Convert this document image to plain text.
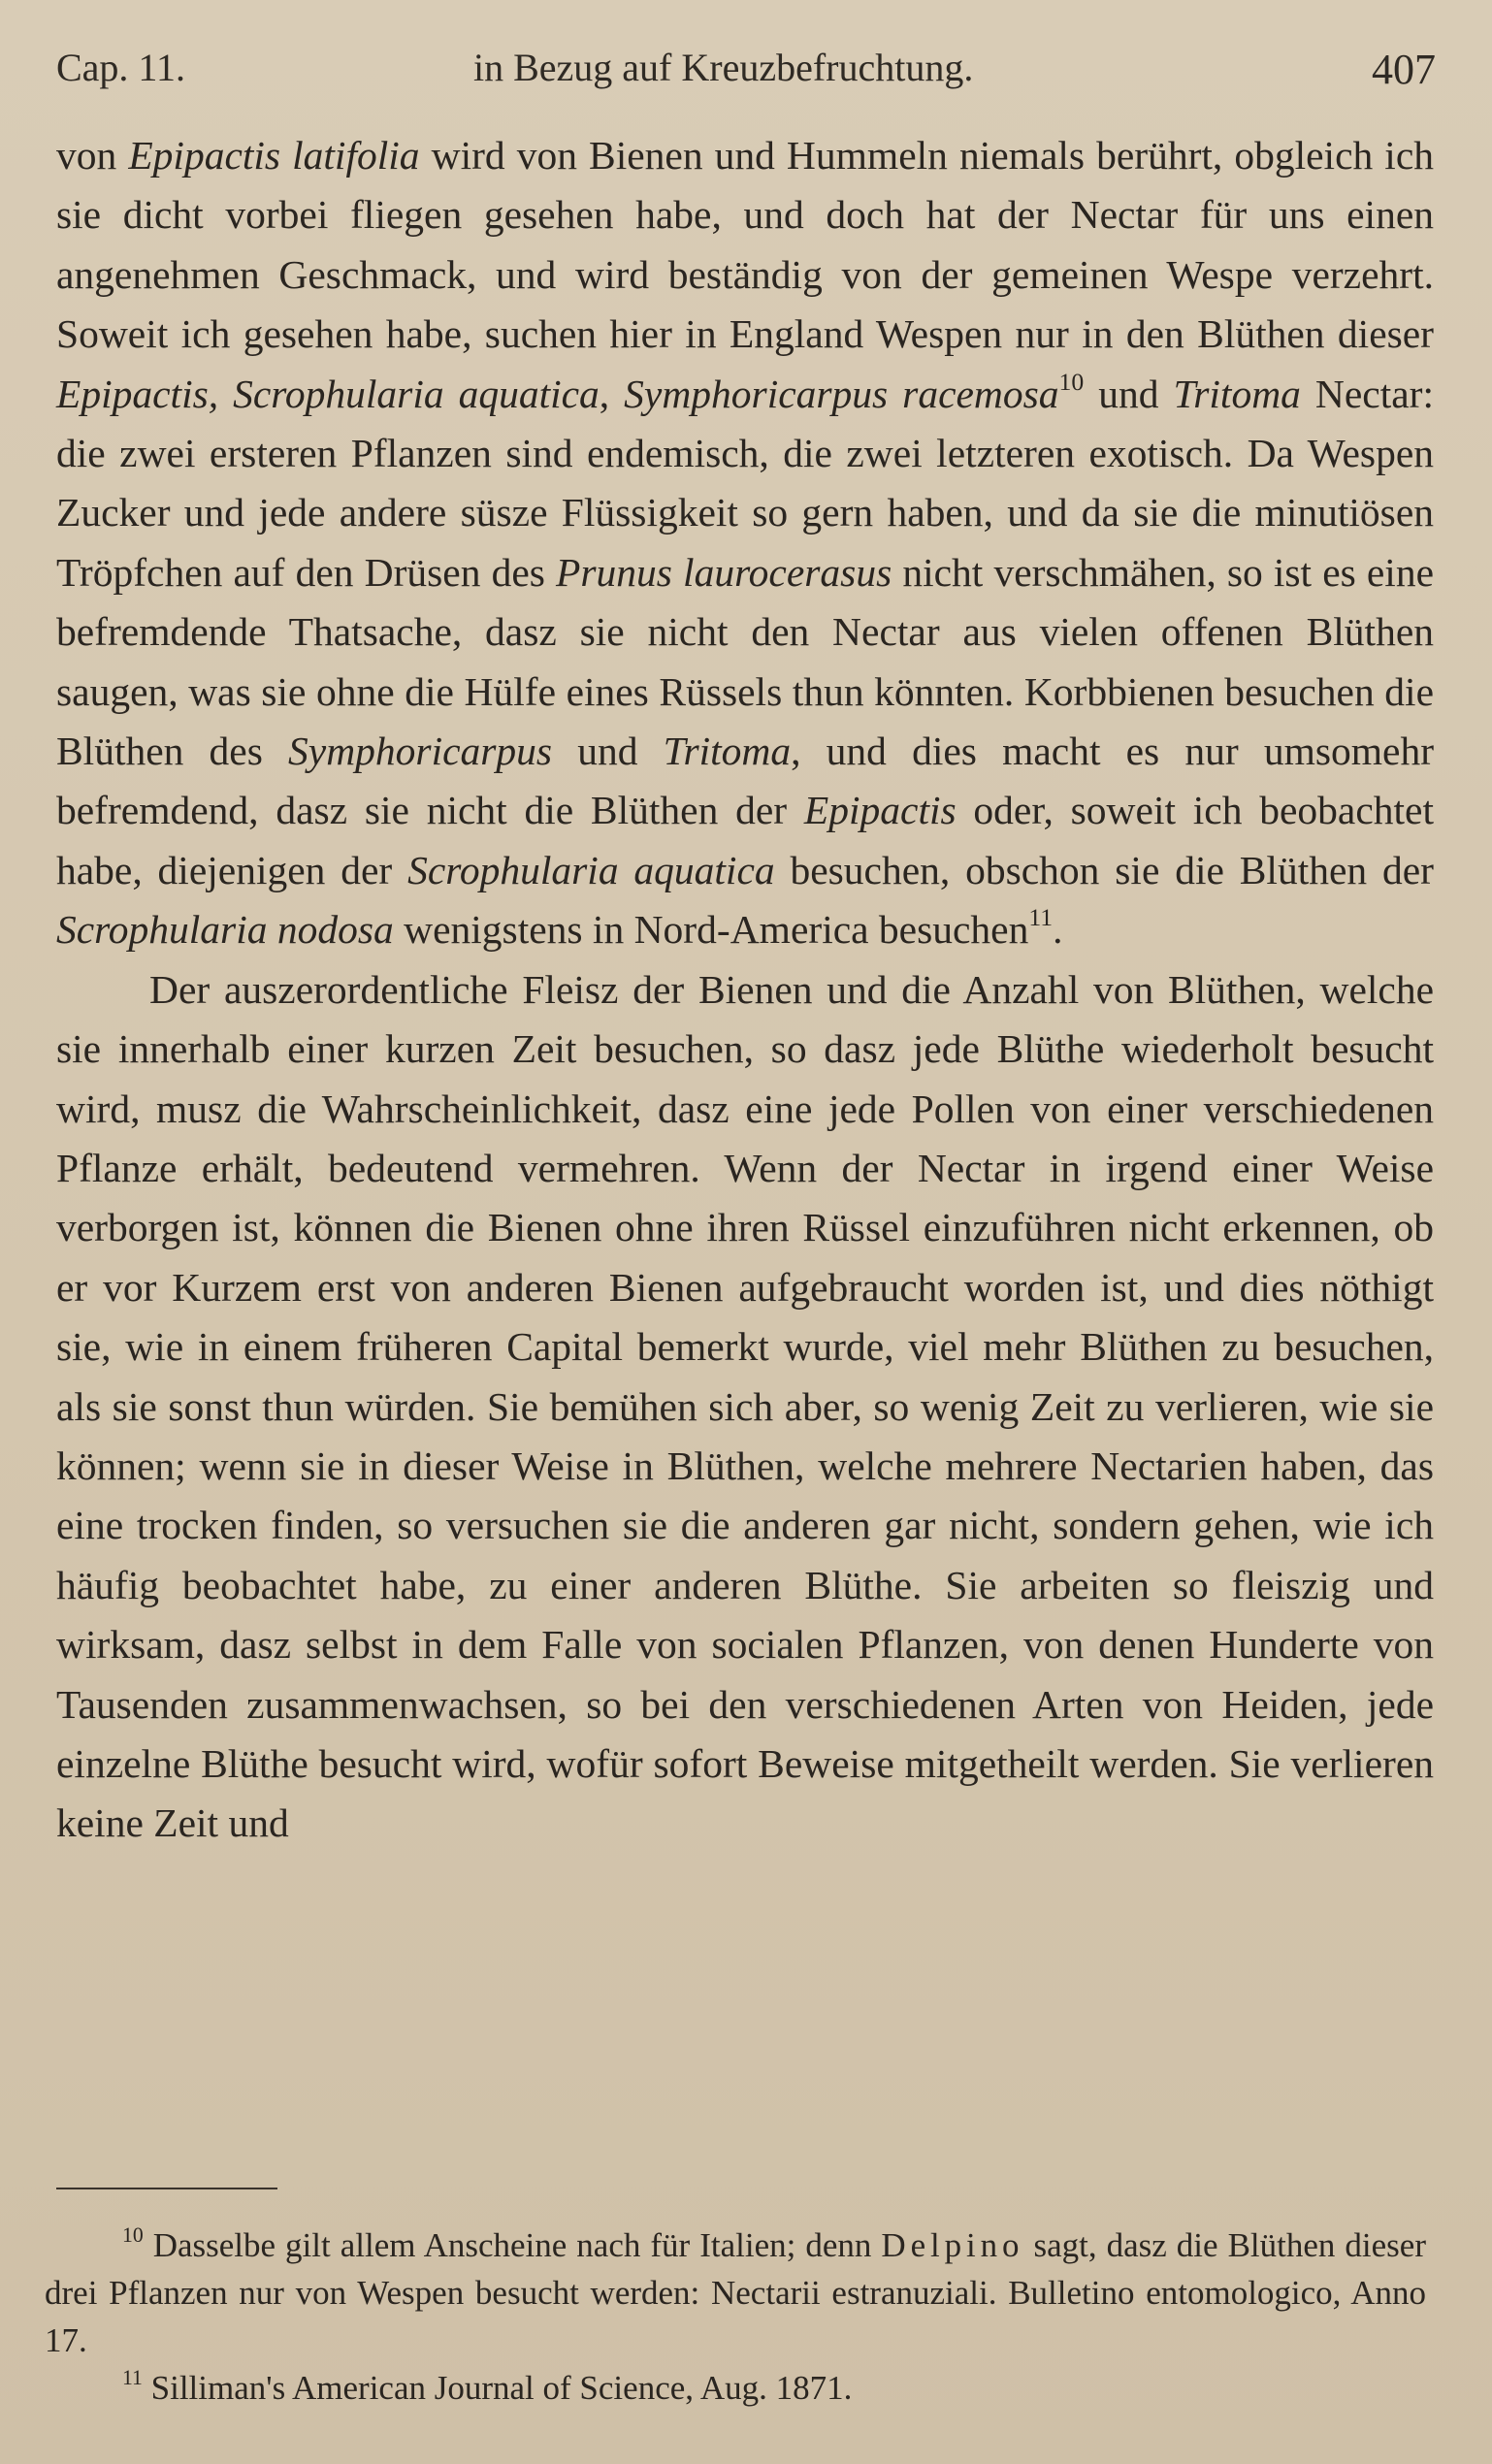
Cap. 11.	in Bezug auf Kreuzbefruchtung.	407

von Epipactis latifolia wird von Bienen und Hummeln niemals berührt, obgleich ich sie dicht vorbei fliegen gesehen habe, und doch hat der Nectar für uns einen angenehmen Geschmack, und wird beständig von der gemeinen Wespe verzehrt. Soweit ich gesehen habe, suchen hier in England Wespen nur in den Blüthen dieser Epipactis, Scrophularia aquatica, Symphoricarpus racemosa$^{10}$ und Tritoma Nectar: die zwei ersteren Pflanzen sind endemisch, die zwei letzteren exotisch. Da Wespen Zucker und jede andere süsze Flüssigkeit so gern haben, und da sie die minutiösen Tröpfchen auf den Drüsen des Prunus laurocerasus nicht verschmähen, so ist es eine befremdende Thatsache, dasz sie nicht den Nectar aus vielen offenen Blüthen saugen, was sie ohne die Hülfe eines Rüssels thun könnten. Korbbienen besuchen die Blüthen des Symphoricarpus und Tritoma, und dies macht es nur umsomehr befremdend, dasz sie nicht die Blüthen der Epipactis oder, soweit ich beobachtet habe, diejenigen der Scrophularia aquatica besuchen, obschon sie die Blüthen der Scrophularia nodosa wenigstens in Nord-America besuchen$^{11}$.

Der auszerordentliche Fleisz der Bienen und die Anzahl von Blüthen, welche sie innerhalb einer kurzen Zeit besuchen, so dasz jede Blüthe wiederholt besucht wird, musz die Wahrscheinlichkeit, dasz eine jede Pollen von einer verschiedenen Pflanze erhält, bedeutend vermehren. Wenn der Nectar in irgend einer Weise verborgen ist, können die Bienen ohne ihren Rüssel einzuführen nicht erkennen, ob er vor Kurzem erst von anderen Bienen aufgebraucht worden ist, und dies nöthigt sie, wie in einem früheren Capital bemerkt wurde, viel mehr Blüthen zu besuchen, als sie sonst thun würden. Sie bemühen sich aber, so wenig Zeit zu verlieren, wie sie können; wenn sie in dieser Weise in Blüthen, welche mehrere Nectarien haben, das eine trocken finden, so versuchen sie die anderen gar nicht, sondern gehen, wie ich häufig beobachtet habe, zu einer anderen Blüthe. Sie arbeiten so fleiszig und wirksam, dasz selbst in dem Falle von socialen Pflanzen, von denen Hunderte von Tausenden zusammenwachsen, so bei den verschiedenen Arten von Heiden, jede einzelne Blüthe besucht wird, wofür sofort Beweise mitgetheilt werden. Sie verlieren keine Zeit und

$^{10}$ Dasselbe gilt allem Anscheine nach für Italien; denn Delpino sagt, dasz die Blüthen dieser drei Pflanzen nur von Wespen besucht werden: Nectarii estranuziali. Bulletino entomologico, Anno 17.

$^{11}$ Silliman's American Journal of Science, Aug. 1871.
